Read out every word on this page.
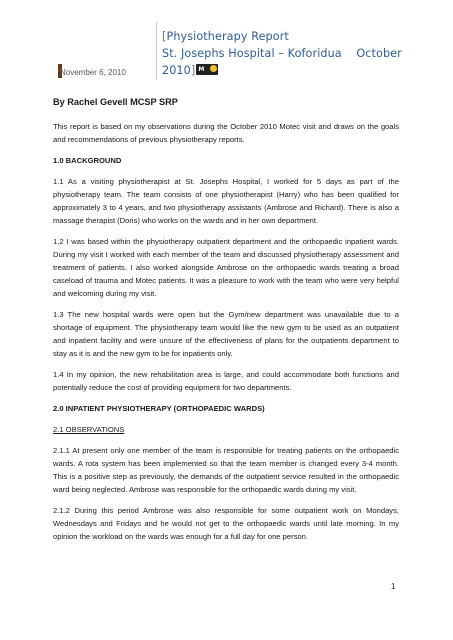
November 6, 2010
[Physiotherapy Report
St. Josephs Hospital – Koforidua    October
2010] M
By Rachel Gevell MCSP SRP

This report is based on my observations during the October 2010 Motec visit and draws on the goals and recommendations of previous physiotherapy reports.

1.0 BACKGROUND

1.1 As a visiting physiotherapist at St. Josephs Hospital, I worked for 5 days as part of the physiotherapy team. The team consists of one physiotherapist (Harry) who has been qualified for approximately 3 to 4 years, and two physiotherapy assistants (Ambrose and Richard). There is also a massage therapist (Doris) who works on the wards and in her own department.

1.2 I was based within the physiotherapy outpatient department and the orthopaedic inpatient wards. During my visit I worked with each member of the team and discussed physiotherapy assessment and treatment of patients. I also worked alongside Ambrose on the orthopaedic wards treating a broad caseload of trauma and Motec patients. It was a pleasure to work with the team who were very helpful and welcoming during my visit.

1.3 The new hospital wards were open but the Gym/new department was unavailable due to a shortage of equipment. The physiotherapy team would like the new gym to be used as an outpatient and inpatient facility and were unsure of the effectiveness of plans for the outpatients department to stay as it is and the new gym to be for inpatients only.

1.4 In my opinion, the new rehabilitation area is large, and could accommodate both functions and potentially reduce the cost of providing equipment for two departments.

2.0 INPATIENT PHYSIOTHERAPY (ORTHOPAEDIC WARDS)
2.1 OBSERVATIONS

2.1.1 At present only one member of the team is responsible for treating patients on the orthopaedic wards. A rota system has been implemented so that the team member is changed every 3-4 month. This is a positive step as previously, the demands of the outpatient service resulted in the orthopaedic ward being neglected. Ambrose was responsible for the orthopaedic wards during my visit.

2.1.2 During this period Ambrose was also responsible for some outpatient work on Mondays, Wednesdays and Fridays and he would not get to the orthopaedic wards until late morning. In my opinion the workload on the wards was enough for a full day for one person.

1
